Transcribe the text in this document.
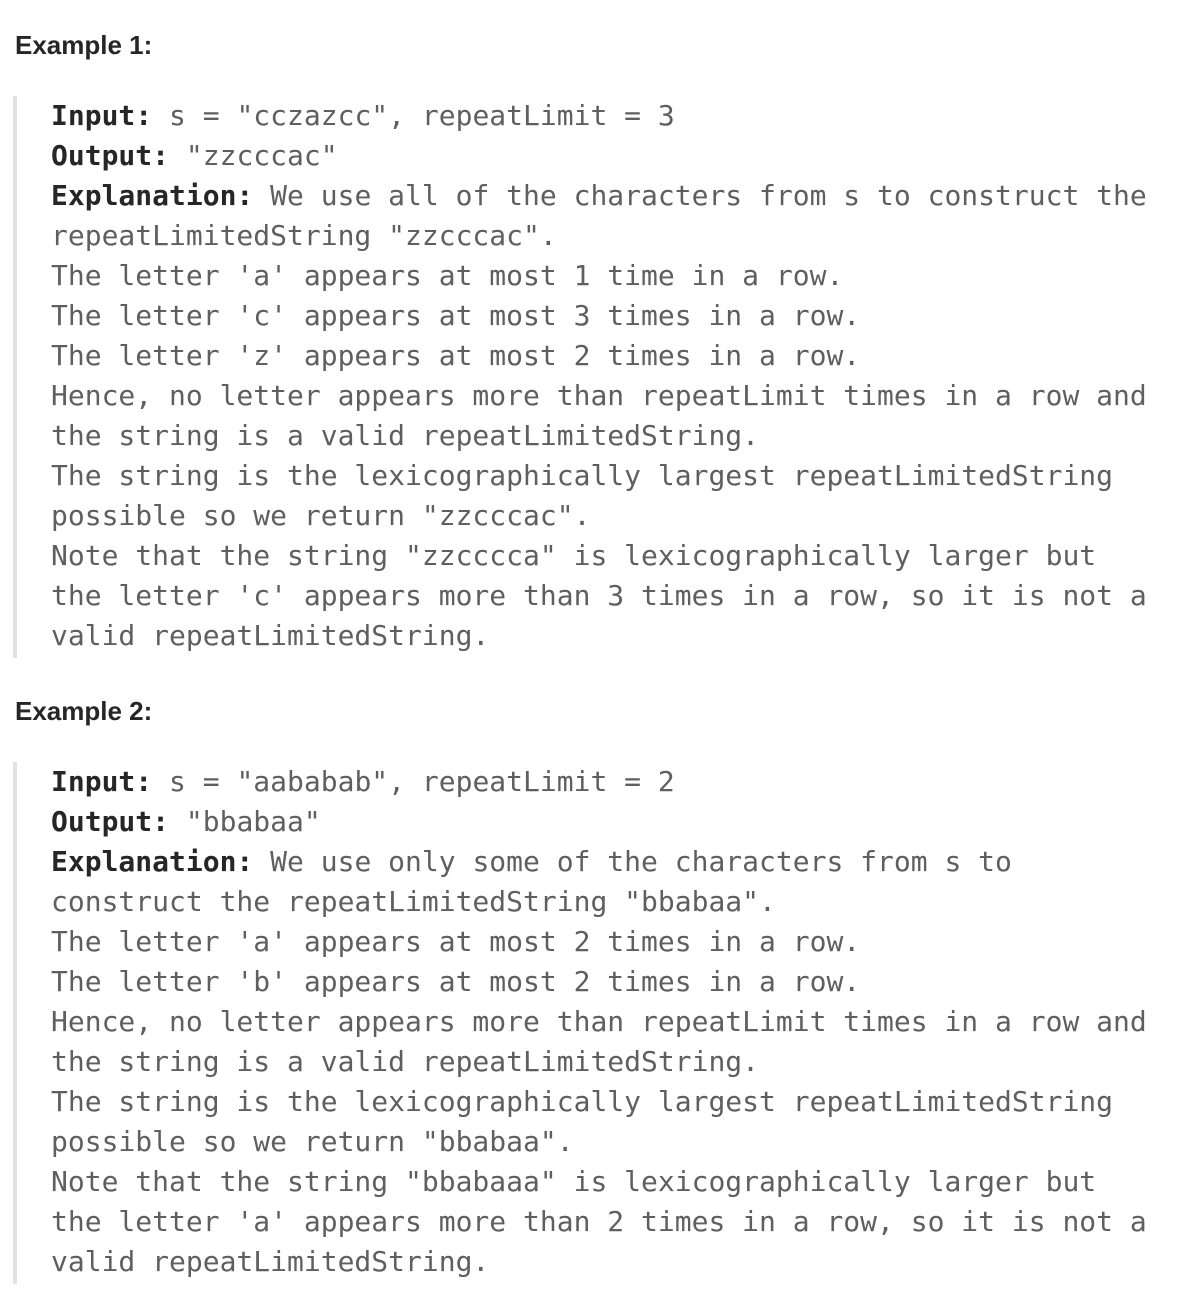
Example 1:
Input: s = "cczazcc", repeatLimit = 3
Output: "zzcccac"
Explanation: We use all of the characters from s to construct the
repeatLimitedString "zzcccac".
The letter 'a' appears at most 1 time in a row.
The letter 'c' appears at most 3 times in a row.
The letter 'z' appears at most 2 times in a row.
Hence, no letter appears more than repeatLimit times in a row and
the string is a valid repeatLimitedString.
The string is the lexicographically largest repeatLimitedString
possible so we return "zzcccac".
Note that the string "zzcccca" is lexicographically larger but
the letter 'c' appears more than 3 times in a row, so it is not a
valid repeatLimitedString.
Example 2:
Input: s = "aababab", repeatLimit = 2
Output: "bbabaa"
Explanation: We use only some of the characters from s to
construct the repeatLimitedString "bbabaa".
The letter 'a' appears at most 2 times in a row.
The letter 'b' appears at most 2 times in a row.
Hence, no letter appears more than repeatLimit times in a row and
the string is a valid repeatLimitedString.
The string is the lexicographically largest repeatLimitedString
possible so we return "bbabaa".
Note that the string "bbabaaa" is lexicographically larger but
the letter 'a' appears more than 2 times in a row, so it is not a
valid repeatLimitedString.
